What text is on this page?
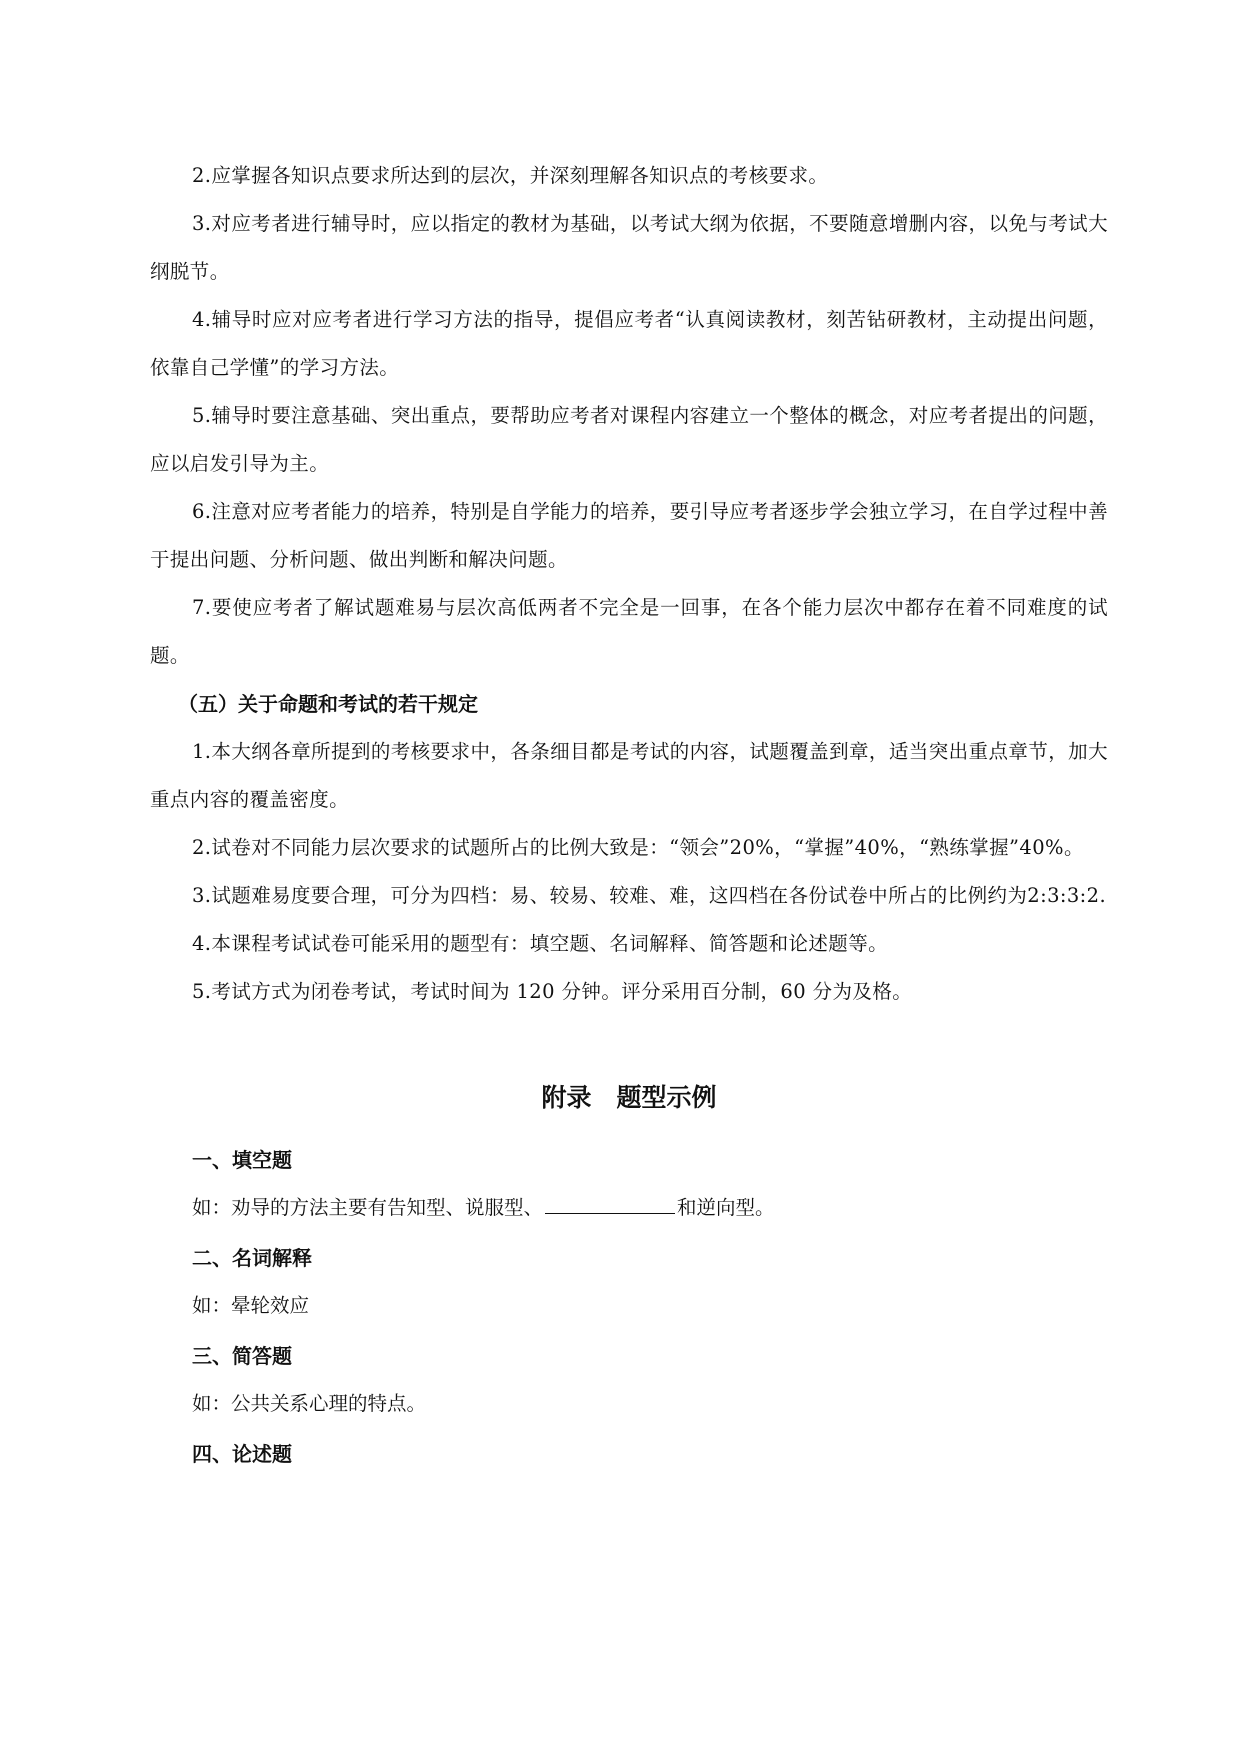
2.应掌握各知识点要求所达到的层次，并深刻理解各知识点的考核要求。

3.对应考者进行辅导时，应以指定的教材为基础，以考试大纲为依据，不要随意增删内容，以免与考试大纲脱节。

4.辅导时应对应考者进行学习方法的指导，提倡应考者“认真阅读教材，刻苦钻研教材，主动提出问题，依靠自己学懂”的学习方法。

5.辅导时要注意基础、突出重点，要帮助应考者对课程内容建立一个整体的概念，对应考者提出的问题，应以启发引导为主。

6.注意对应考者能力的培养，特别是自学能力的培养，要引导应考者逐步学会独立学习，在自学过程中善于提出问题、分析问题、做出判断和解决问题。

7.要使应考者了解试题难易与层次高低两者不完全是一回事，在各个能力层次中都存在着不同难度的试题。

（五）关于命题和考试的若干规定

1.本大纲各章所提到的考核要求中，各条细目都是考试的内容，试题覆盖到章，适当突出重点章节，加大重点内容的覆盖密度。

2.试卷对不同能力层次要求的试题所占的比例大致是：“领会”20%，“掌握”40%，“熟练掌握”40%。

3.试题难易度要合理，可分为四档：易、较易、较难、难，这四档在各份试卷中所占的比例约为2:3:3:2.

4.本课程考试试卷可能采用的题型有：填空题、名词解释、简答题和论述题等。

5.考试方式为闭卷考试，考试时间为 120 分钟。评分采用百分制，60 分为及格。

附录　题型示例
一、填空题

如：劝导的方法主要有告知型、说服型、	和逆向型。

二、名词解释

如：晕轮效应

三、简答题

如：公共关系心理的特点。

四、论述题
